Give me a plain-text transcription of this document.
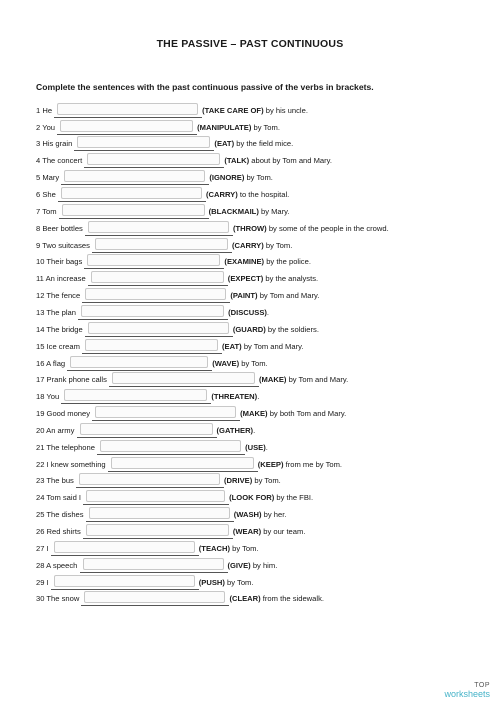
THE PASSIVE – PAST CONTINUOUS
Complete the sentences with the past continuous passive of the verbs in brackets.
1 He	(TAKE CARE OF) by his uncle.
2 You	(MANIPULATE) by Tom.
3 His grain	(EAT) by the field mice.
4 The concert	(TALK) about by Tom and Mary.
5 Mary	(IGNORE) by Tom.
6 She	(CARRY) to the hospital.
7 Tom	(BLACKMAIL) by Mary.
8 Beer bottles	(THROW) by some of the people in the crowd.
9 Two suitcases	(CARRY) by Tom.
10 Their bags	(EXAMINE) by the police.
11 An increase	(EXPECT) by the analysts.
12 The fence	(PAINT) by Tom and Mary.
13 The plan	(DISCUSS) .
14 The bridge	(GUARD) by the soldiers.
15 Ice cream	(EAT) by Tom and Mary.
16 A flag	(WAVE) by Tom.
17 Prank phone calls	(MAKE) by Tom and Mary.
18 You	(THREATEN) .
19 Good money	(MAKE) by both Tom and Mary.
20 An army	(GATHER) .
21 The telephone	(USE) .
22 I knew something	(KEEP) from me by Tom.
23 The bus	(DRIVE) by Tom.
24 Tom said I	(LOOK FOR) by the FBI.
25 The dishes	(WASH) by her.
26 Red shirts	(WEAR) by our team.
27 I	(TEACH) by Tom.
28 A speech	(GIVE) by him.
29 I	(PUSH) by Tom.
30 The snow	(CLEAR) from the sidewalk.
TOP
worksheets
